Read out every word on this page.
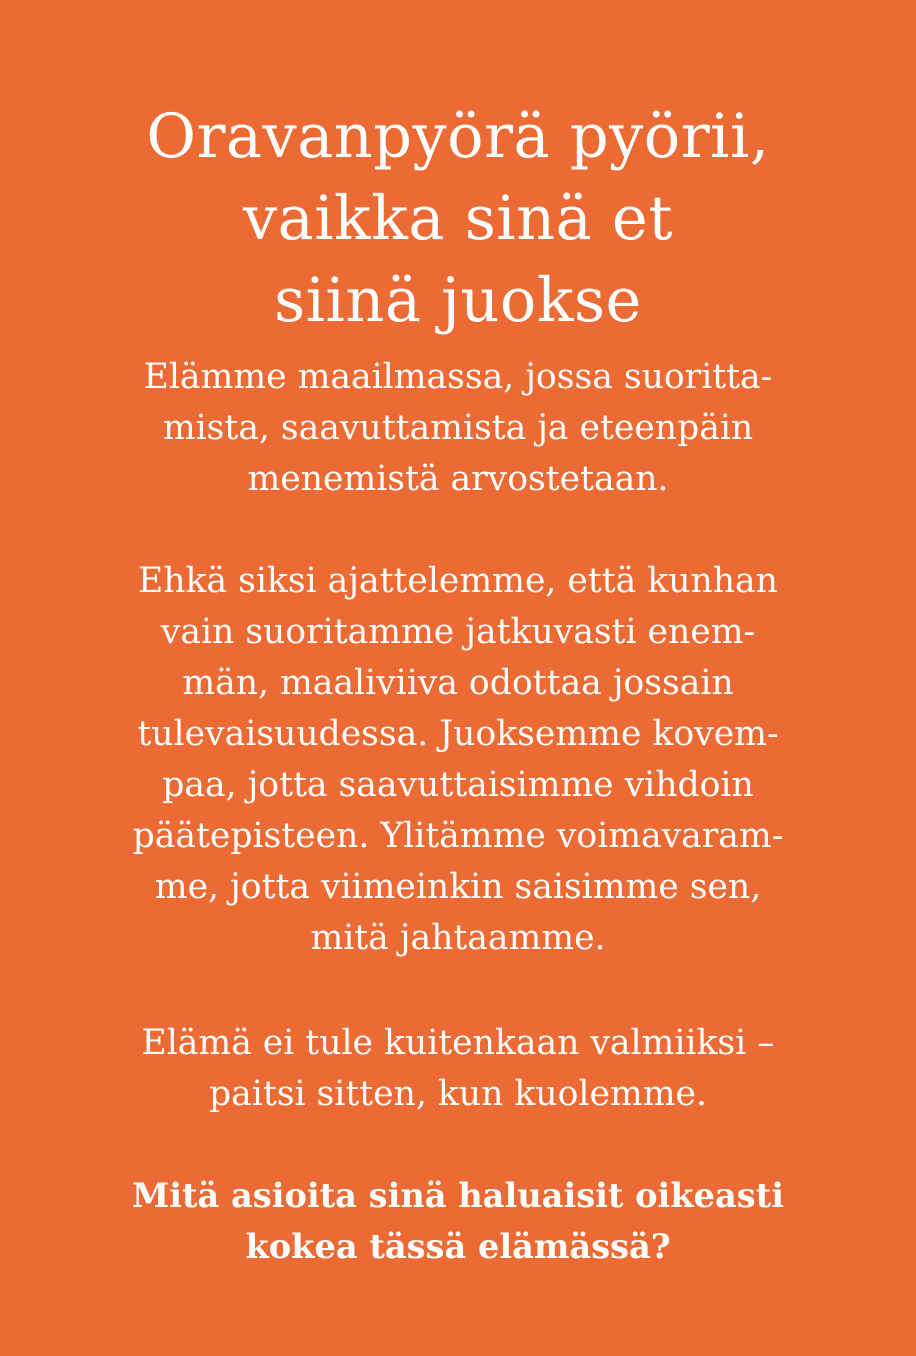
Oravanpyörä pyörii,
vaikka sinä et
siinä juokse

Elämme maailmassa, jossa suoritta-
mista, saavuttamista ja eteenpäin
menemistä arvostetaan.

Ehkä siksi ajattelemme, että kunhan
vain suoritamme jatkuvasti enem-
män, maaliviiva odottaa jossain
tulevaisuudessa. Juoksemme kovem-
paa, jotta saavuttaisimme vihdoin
päätepisteen. Ylitämme voimavaram-
me, jotta viimeinkin saisimme sen,
mitä jahtaamme.

Elämä ei tule kuitenkaan valmiiksi –
paitsi sitten, kun kuolemme.

Mitä asioita sinä haluaisit oikeasti
kokea tässä elämässä?
